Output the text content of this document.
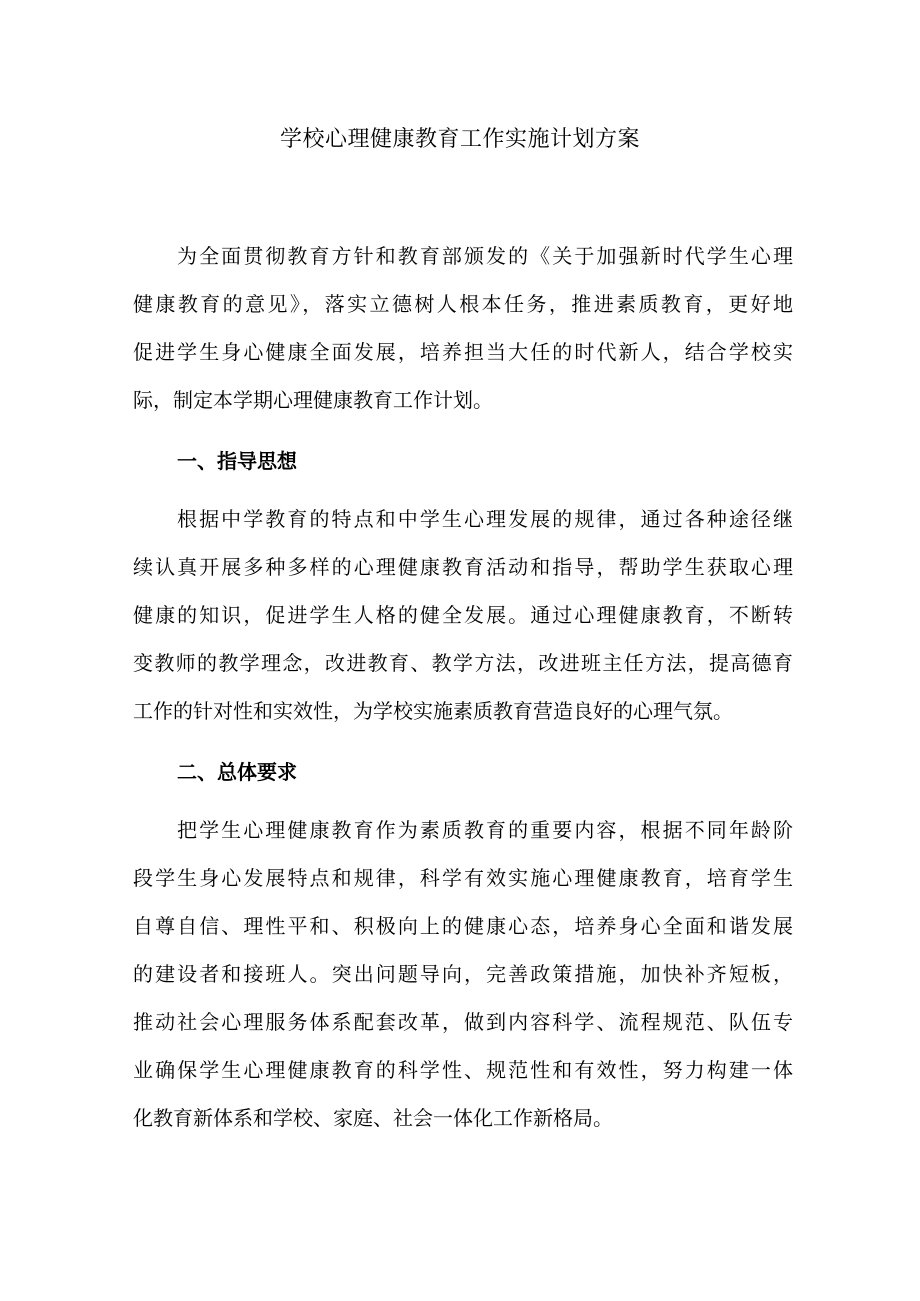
学校心理健康教育工作实施计划方案
为全面贯彻教育方针和教育部颁发的《关于加强新时代学生心理
健康教育的意见》，落实立德树人根本任务，推进素质教育，更好地
促进学生身心健康全面发展，培养担当大任的时代新人，结合学校实
际，制定本学期心理健康教育工作计划。
一、指导思想
根据中学教育的特点和中学生心理发展的规律，通过各种途径继
续认真开展多种多样的心理健康教育活动和指导，帮助学生获取心理
健康的知识，促进学生人格的健全发展。通过心理健康教育，不断转
变教师的教学理念，改进教育、教学方法，改进班主任方法，提高德育
工作的针对性和实效性，为学校实施素质教育营造良好的心理气氛。
二、总体要求
把学生心理健康教育作为素质教育的重要内容，根据不同年龄阶
段学生身心发展特点和规律，科学有效实施心理健康教育，培育学生
自尊自信、理性平和、积极向上的健康心态，培养身心全面和谐发展
的建设者和接班人。突出问题导向，完善政策措施，加快补齐短板，
推动社会心理服务体系配套改革，做到内容科学、流程规范、队伍专
业确保学生心理健康教育的科学性、规范性和有效性，努力构建一体
化教育新体系和学校、家庭、社会一体化工作新格局。
